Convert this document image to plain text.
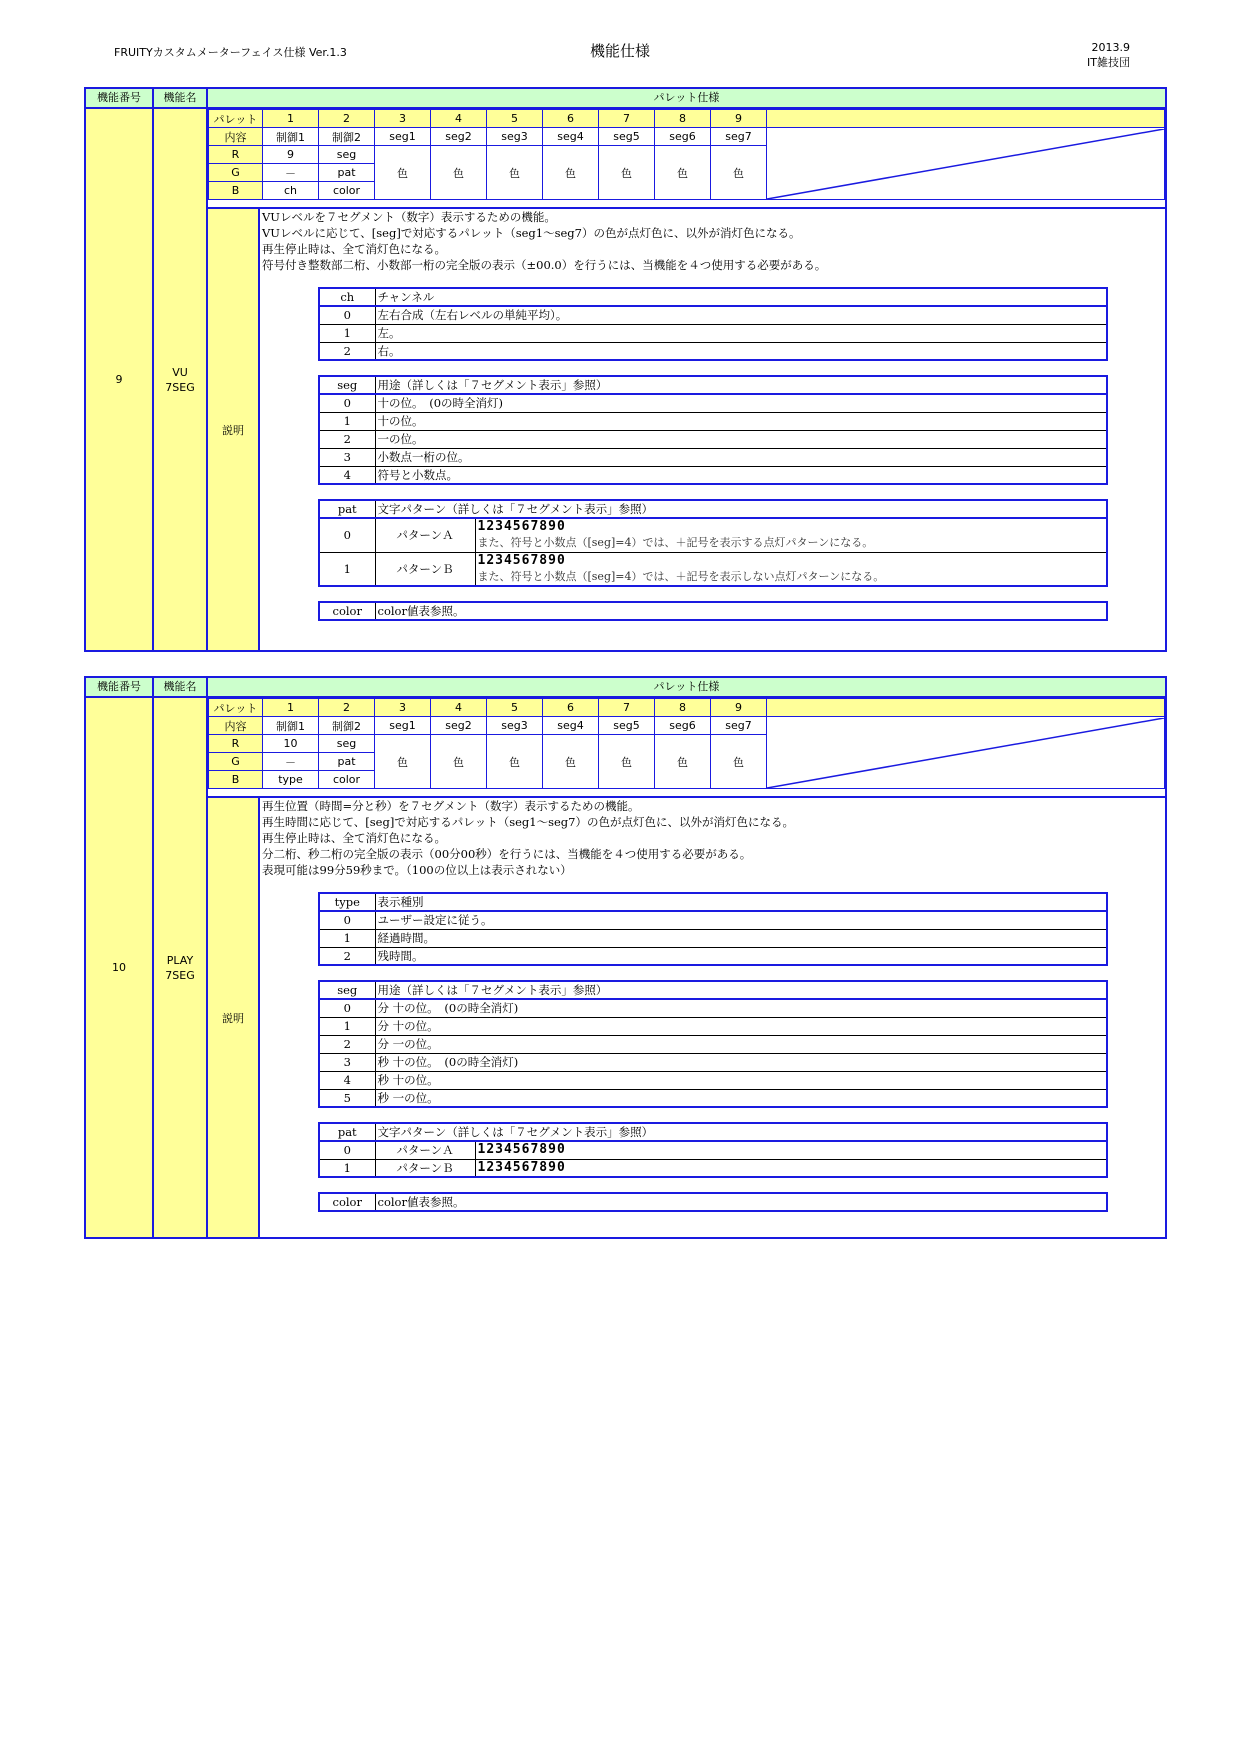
FRUITYカスタムメーターフェイス仕様 Ver.1.3	機能仕様	2013.9
IT雑技団
機能番号	機能名	パレット仕様
9
VU
7SEG
パレット	1	2	3	4	5	6	7	8	9	
内容	制御1	制御2	seg1	seg2	seg3	seg4	seg5	seg6	seg7	

R	9	seg	色	色	色	色	色	色	色	
G	－	pat								
B	ch	color								
説明
VUレベルを７セグメント（数字）表示するための機能。
VUレベルに応じて、[seg]で対応するパレット（seg1～seg7）の色が点灯色に、以外が消灯色になる。
再生停止時は、全て消灯色になる。
符号付き整数部二桁、小数部一桁の完全版の表示（±00.0）を行うには、当機能を４つ使用する必要がある。
ch	チャンネル
0	左右合成（左右レベルの単純平均）。
1	左。
2	右。
seg	用途（詳しくは「７セグメント表示」参照）
0	十の位。　(0の時全消灯)
1	十の位。
2	一の位。
3	小数点一桁の位。
4	符号と小数点。
pat	文字パターン（詳しくは「７セグメント表示」参照）	
0	パターンＡ	1234567890
また、符号と小数点（[seg]=4）では、＋記号を表示する点灯パターンになる。

1	パターンＢ	1234567890
また、符号と小数点（[seg]=4）では、＋記号を表示しない点灯パターンになる。
color	color値表参照。
機能番号	機能名	パレット仕様
10
PLAY
7SEG
パレット	1	2	3	4	5	6	7	8	9	
内容	制御1	制御2	seg1	seg2	seg3	seg4	seg5	seg6	seg7	

R	10	seg	色	色	色	色	色	色	色	
G	－	pat								
B	type	color								
説明
再生位置（時間=分と秒）を７セグメント（数字）表示するための機能。
再生時間に応じて、[seg]で対応するパレット（seg1～seg7）の色が点灯色に、以外が消灯色になる。
再生停止時は、全て消灯色になる。
分二桁、秒二桁の完全版の表示（00分00秒）を行うには、当機能を４つ使用する必要がある。
表現可能は99分59秒まで。（100の位以上は表示されない）
type	表示種別
0	ユーザー設定に従う。
1	経過時間。
2	残時間。
seg	用途（詳しくは「７セグメント表示」参照）
0	分 十の位。　(0の時全消灯)
1	分 十の位。
2	分 一の位。
3	秒 十の位。　(0の時全消灯)
4	秒 十の位。
5	秒 一の位。
pat	文字パターン（詳しくは「７セグメント表示」参照）	
0	パターンＡ	1234567890

1	パターンＢ	1234567890
color	color値表参照。
